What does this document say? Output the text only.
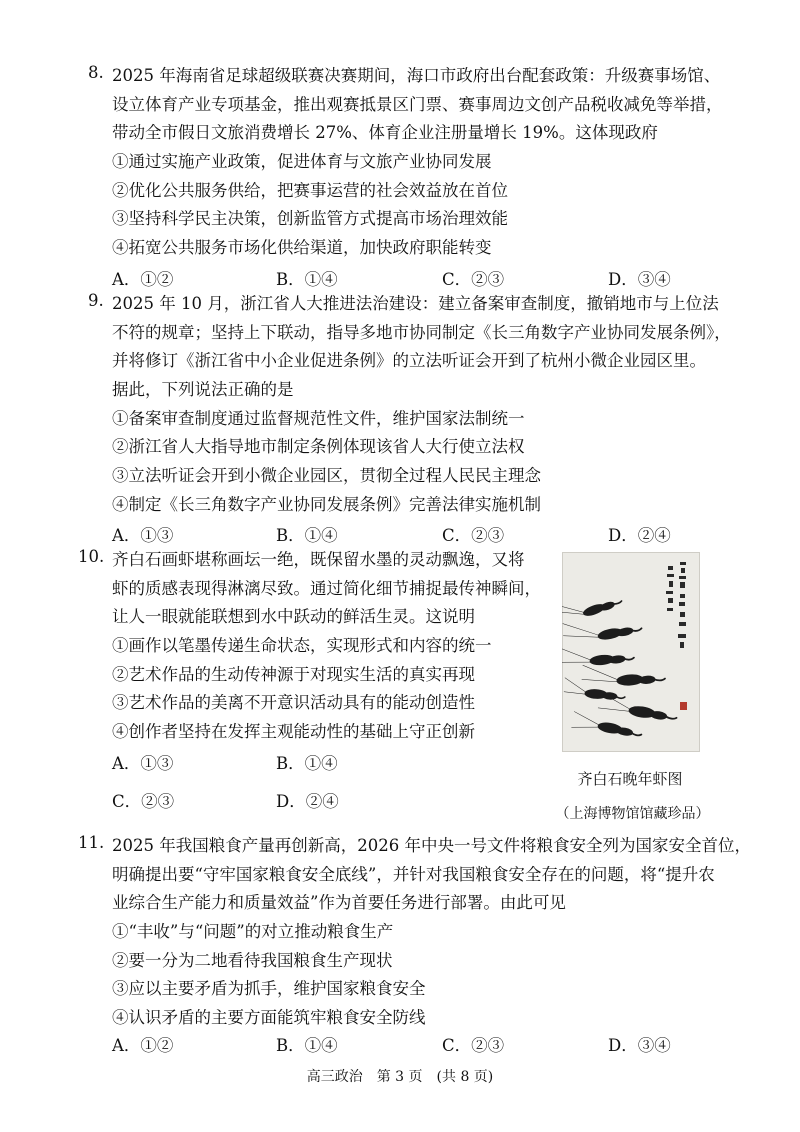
8. 2025 年海南省足球超级联赛决赛期间，海口市政府出台配套政策：升级赛事场馆、
设立体育产业专项基金，推出观赛抵景区门票、赛事周边文创产品税收减免等举措，
带动全市假日文旅消费增长 27%、体育企业注册量增长 19%。这体现政府
①通过实施产业政策，促进体育与文旅产业协同发展
②优化公共服务供给，把赛事运营的社会效益放在首位
③坚持科学民主决策，创新监管方式提高市场治理效能
④拓宽公共服务市场化供给渠道，加快政府职能转变
A．①②	B．①④	C．②③	D．③④
9. 2025 年 10 月，浙江省人大推进法治建设：建立备案审查制度，撤销地市与上位法
不符的规章；坚持上下联动，指导多地市协同制定《长三角数字产业协同发展条例》，
并将修订《浙江省中小企业促进条例》的立法听证会开到了杭州小微企业园区里。
据此，下列说法正确的是
①备案审查制度通过监督规范性文件，维护国家法制统一
②浙江省人大指导地市制定条例体现该省人大行使立法权
③立法听证会开到小微企业园区，贯彻全过程人民民主理念
④制定《长三角数字产业协同发展条例》完善法律实施机制
A．①③	B．①④	C．②③	D．②④
10. 齐白石画虾堪称画坛一绝，既保留水墨的灵动飘逸，又将
虾的质感表现得淋漓尽致。通过简化细节捕捉最传神瞬间，
让人一眼就能联想到水中跃动的鲜活生灵。这说明
①画作以笔墨传递生命状态，实现形式和内容的统一
②艺术作品的生动传神源于对现实生活的真实再现
③艺术作品的美离不开意识活动具有的能动创造性
④创作者坚持在发挥主观能动性的基础上守正创新
A．①③	B．①④
C．②③	D．②④
齐白石晚年虾图
（上海博物馆馆藏珍品）
11. 2025 年我国粮食产量再创新高，2026 年中央一号文件将粮食安全列为国家安全首位，
明确提出要“守牢国家粮食安全底线”，并针对我国粮食安全存在的问题，将“提升农
业综合生产能力和质量效益”作为首要任务进行部署。由此可见
①“丰收”与“问题”的对立推动粮食生产
②要一分为二地看待我国粮食生产现状
③应以主要矛盾为抓手，维护国家粮食安全
④认识矛盾的主要方面能筑牢粮食安全防线
A．①②	B．①④	C．②③	D．③④
高三政治　第 3 页　(共 8 页)
